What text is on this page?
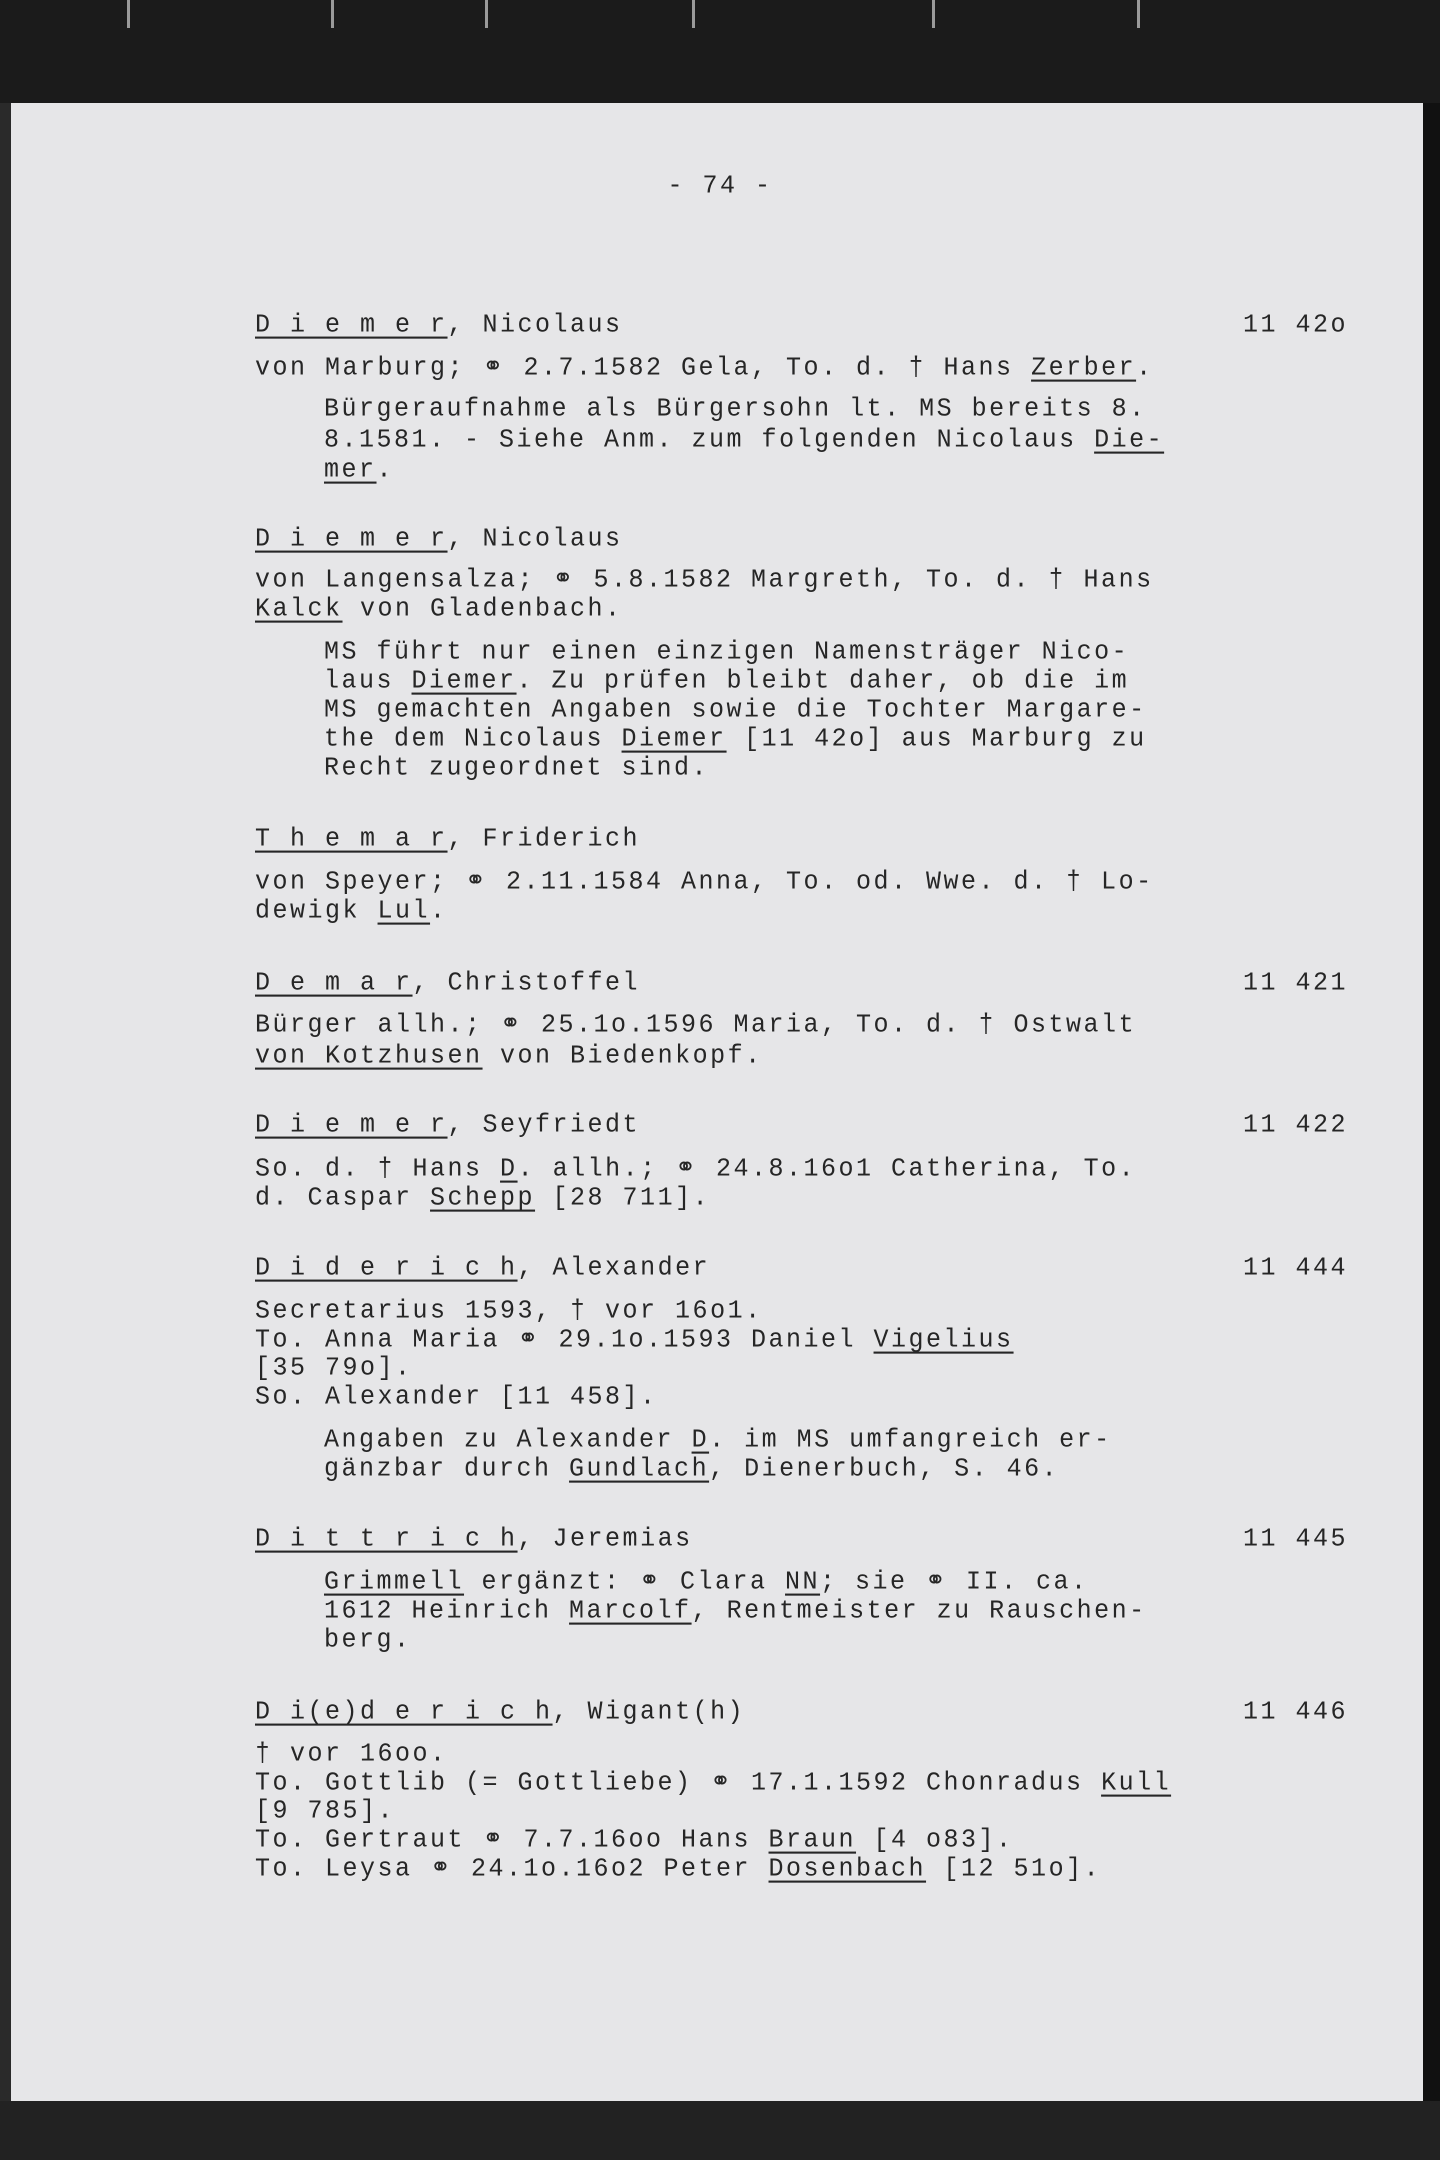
- 74 -
D i e m e r, Nicolaus	11 42o
von Marburg; ⚭ 2.7.1582 Gela, To. d. † Hans Zerber.
Bürgeraufnahme als Bürgersohn lt. MS bereits 8.
8.1581. - Siehe Anm. zum folgenden Nicolaus Die-
mer.
D i e m e r, Nicolaus
von Langensalza; ⚭ 5.8.1582 Margreth, To. d. † Hans
Kalck von Gladenbach.
MS führt nur einen einzigen Namensträger Nico-
laus Diemer. Zu prüfen bleibt daher, ob die im
MS gemachten Angaben sowie die Tochter Margare-
the dem Nicolaus Diemer [11 42o] aus Marburg zu
Recht zugeordnet sind.
T h e m a r, Friderich
von Speyer; ⚭ 2.11.1584 Anna, To. od. Wwe. d. † Lo-
dewigk Lul.
D e m a r, Christoffel	11 421
Bürger allh.; ⚭ 25.1o.1596 Maria, To. d. † Ostwalt
von Kotzhusen von Biedenkopf.
D i e m e r, Seyfriedt	11 422
So. d. † Hans D. allh.; ⚭ 24.8.16o1 Catherina, To.
d. Caspar Schepp [28 711].
D i d e r i c h, Alexander	11 444
Secretarius 1593, † vor 16o1.
To. Anna Maria ⚭ 29.1o.1593 Daniel Vigelius
[35 79o].
So. Alexander [11 458].
Angaben zu Alexander D. im MS umfangreich er-
gänzbar durch Gundlach, Dienerbuch, S. 46.
D i t t r i c h, Jeremias	11 445
Grimmell ergänzt: ⚭ Clara NN; sie ⚭ II. ca.
1612 Heinrich Marcolf, Rentmeister zu Rauschen-
berg.
D i(e)d e r i c h, Wigant(h)	11 446
† vor 16oo.
To. Gottlib (= Gottliebe) ⚭ 17.1.1592 Chonradus Kull
[9 785].
To. Gertraut ⚭ 7.7.16oo Hans Braun [4 o83].
To. Leysa ⚭ 24.1o.16o2 Peter Dosenbach [12 51o].
